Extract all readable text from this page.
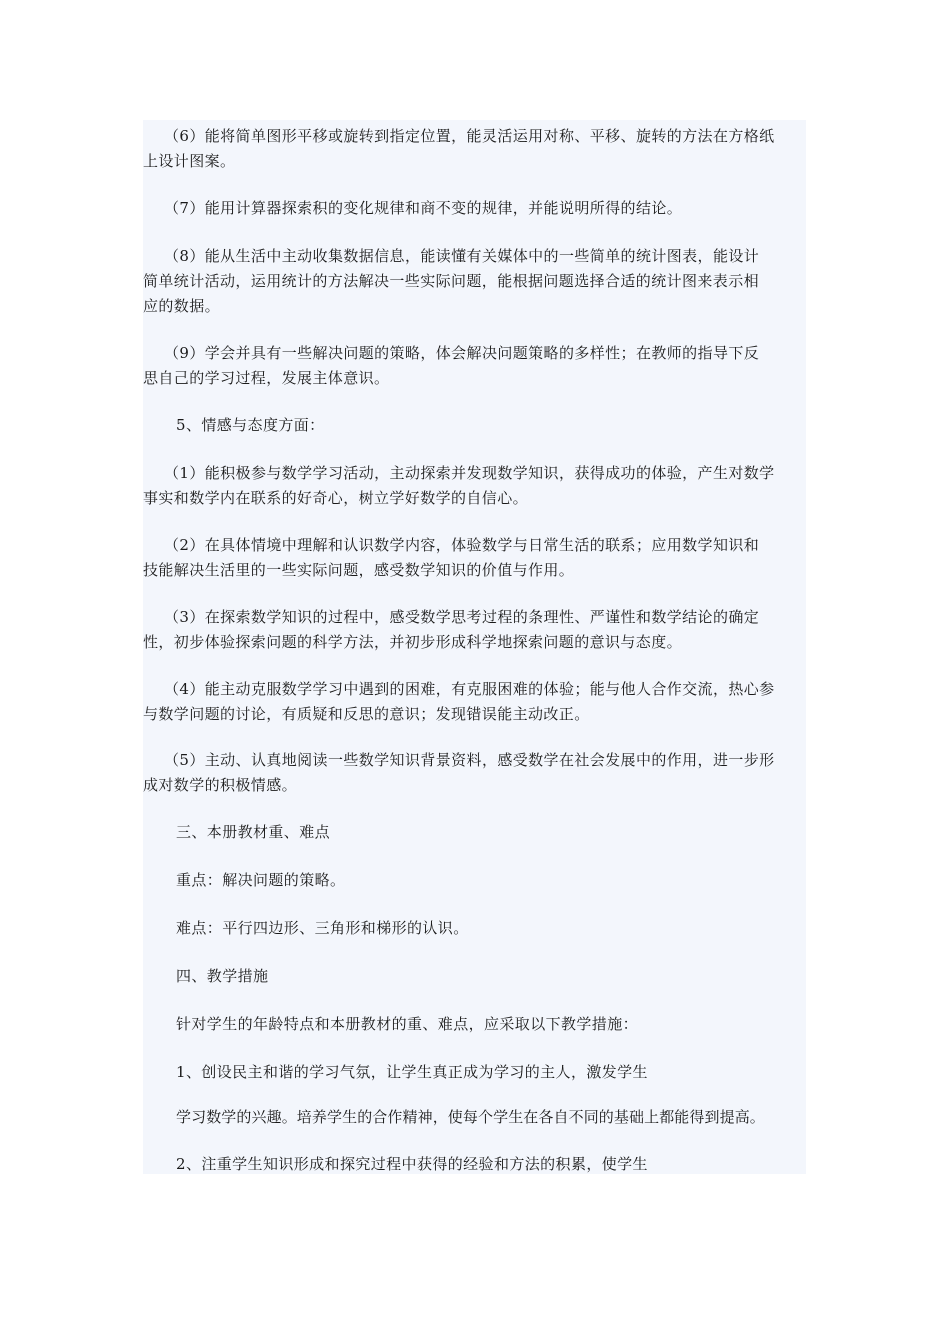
（6）能将简单图形平移或旋转到指定位置，能灵活运用对称、平移、旋转的方法在方格纸
上设计图案。

（7）能用计算器探索积的变化规律和商不变的规律，并能说明所得的结论。

（8）能从生活中主动收集数据信息，能读懂有关媒体中的一些简单的统计图表，能设计
简单统计活动，运用统计的方法解决一些实际问题，能根据问题选择合适的统计图来表示相
应的数据。

（9）学会并具有一些解决问题的策略，体会解决问题策略的多样性；在教师的指导下反
思自己的学习过程，发展主体意识。

5、情感与态度方面：

（1）能积极参与数学学习活动，主动探索并发现数学知识，获得成功的体验，产生对数学
事实和数学内在联系的好奇心，树立学好数学的自信心。

（2）在具体情境中理解和认识数学内容，体验数学与日常生活的联系；应用数学知识和
技能解决生活里的一些实际问题，感受数学知识的价值与作用。

（3）在探索数学知识的过程中，感受数学思考过程的条理性、严谨性和数学结论的确定
性，初步体验探索问题的科学方法，并初步形成科学地探索问题的意识与态度。

（4）能主动克服数学学习中遇到的困难，有克服困难的体验；能与他人合作交流，热心参
与数学问题的讨论，有质疑和反思的意识；发现错误能主动改正。

（5）主动、认真地阅读一些数学知识背景资料，感受数学在社会发展中的作用，进一步形
成对数学的积极情感。

三、本册教材重、难点

重点：解决问题的策略。

难点：平行四边形、三角形和梯形的认识。

四、教学措施

针对学生的年龄特点和本册教材的重、难点，应采取以下教学措施：

1、创设民主和谐的学习气氛，让学生真正成为学习的主人，激发学生

学习数学的兴趣。培养学生的合作精神，使每个学生在各自不同的基础上都能得到提高。

2、注重学生知识形成和探究过程中获得的经验和方法的积累，使学生
